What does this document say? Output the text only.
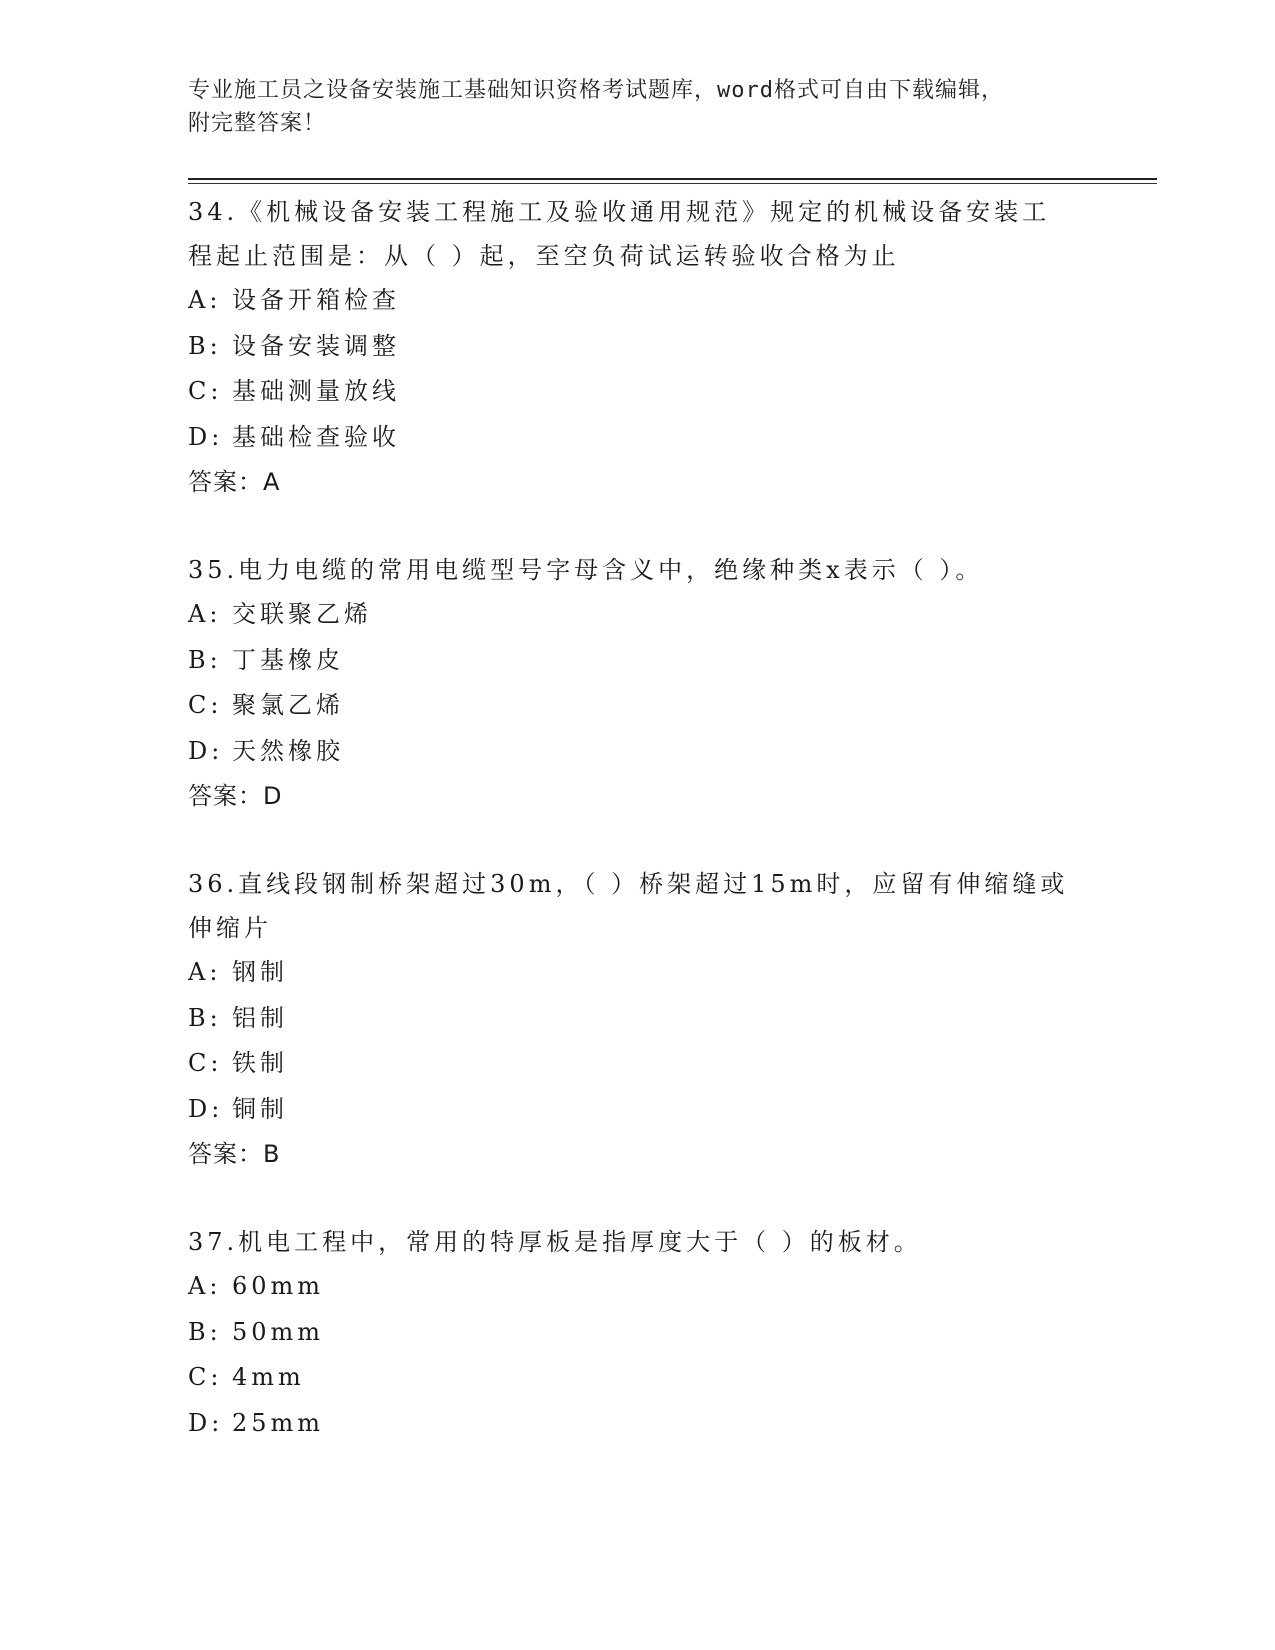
专业施工员之设备安装施工基础知识资格考试题库，word格式可自由下载编辑，
附完整答案！

34.《机械设备安装工程施工及验收通用规范》规定的机械设备安装工

程起止范围是：从（ ）起，至空负荷试运转验收合格为止

A: 设备开箱检查

B: 设备安装调整

C: 基础测量放线

D: 基础检查验收

答案：A

35.电力电缆的常用电缆型号字母含义中，绝缘种类x表示（ ）。

A: 交联聚乙烯

B: 丁基橡皮

C: 聚氯乙烯

D: 天然橡胶

答案：D

36.直线段钢制桥架超过30m，（ ）桥架超过15m时，应留有伸缩缝或

伸缩片

A: 钢制

B: 铝制

C: 铁制

D: 铜制

答案：B

37.机电工程中，常用的特厚板是指厚度大于（ ）的板材。

A: 60mm

B: 50mm

C: 4mm

D: 25mm
